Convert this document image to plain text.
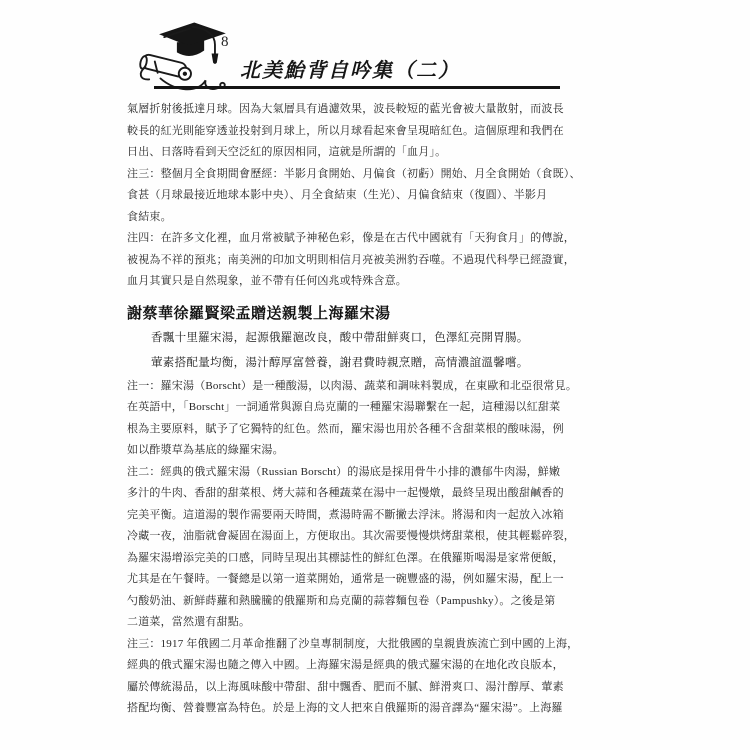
8
北美鮐背自吟集（二）
氣層折射後抵達月球。因為大氣層具有過濾效果，波長較短的藍光會被大量散射，而波長
較長的紅光則能穿透並投射到月球上，所以月球看起來會呈現暗紅色。這個原理和我們在
日出、日落時看到天空泛紅的原因相同，這就是所謂的「血月」。
注三：整個月全食期間會歷經：半影月食開始、月偏食（初虧）開始、月全食開始（食既）、
食甚（月球最接近地球本影中央）、月全食結束（生光）、月偏食結束（復圓）、半影月
食結束。
注四：在許多文化裡，血月常被賦予神秘色彩，像是在古代中國就有「天狗食月」的傳說，
被視為不祥的預兆；南美洲的印加文明則相信月亮被美洲豹吞噬。不過現代科學已經證實，
血月其實只是自然現象，並不帶有任何凶兆或特殊含意。
謝蔡華徐羅賢梁孟贈送親製上海羅宋湯
香飄十里羅宋湯，起源俄羅滬改良，酸中帶甜鮮爽口，色澤紅亮開胃腸。
葷素搭配量均衡，湯汁醇厚富營養，謝君費時親烹贈，高情濃誼溫馨嚐。
注一：羅宋湯（Borscht）是一種酸湯，以肉湯、蔬菜和調味料製成，在東歐和北亞很常見。
在英語中，「Borscht」一詞通常與源自烏克蘭的一種羅宋湯聯繫在一起，這種湯以紅甜菜
根為主要原料，賦予了它獨特的紅色。然而，羅宋湯也用於各種不含甜菜根的酸味湯，例
如以酢漿草為基底的綠羅宋湯。
注二：經典的俄式羅宋湯（Russian Borscht）的湯底是採用骨牛小排的濃郁牛肉湯，鮮嫩
多汁的牛肉、香甜的甜菜根、烤大蒜和各種蔬菜在湯中一起慢燉，最終呈現出酸甜鹹香的
完美平衡。這道湯的製作需要兩天時間，煮湯時需不斷撇去浮沫。將湯和肉一起放入冰箱
冷藏一夜，油脂就會凝固在湯面上，方便取出。其次需要慢慢烘烤甜菜根，使其輕鬆碎裂，
為羅宋湯增添完美的口感，同時呈現出其標誌性的鮮紅色澤。在俄羅斯喝湯是家常便飯，
尤其是在午餐時。一餐總是以第一道菜開始，通常是一碗豐盛的湯，例如羅宋湯，配上一
勺酸奶油、新鮮蒔蘿和熱騰騰的俄羅斯和烏克蘭的蒜蓉麵包卷（Pampushky）。之後是第
二道菜，當然還有甜點。
注三：1917 年俄國二月革命推翻了沙皇專制制度，大批俄國的皇親貴族流亡到中國的上海，
經典的俄式羅宋湯也隨之傳入中國。上海羅宋湯是經典的俄式羅宋湯的在地化改良版本，
屬於傳統湯品，以上海風味酸中帶甜、甜中飄香、肥而不膩、鮮滑爽口、湯汁醇厚、葷素
搭配均衡、營養豐富為特色。於是上海的文人把來自俄羅斯的湯音譯為“羅宋湯”。上海羅
